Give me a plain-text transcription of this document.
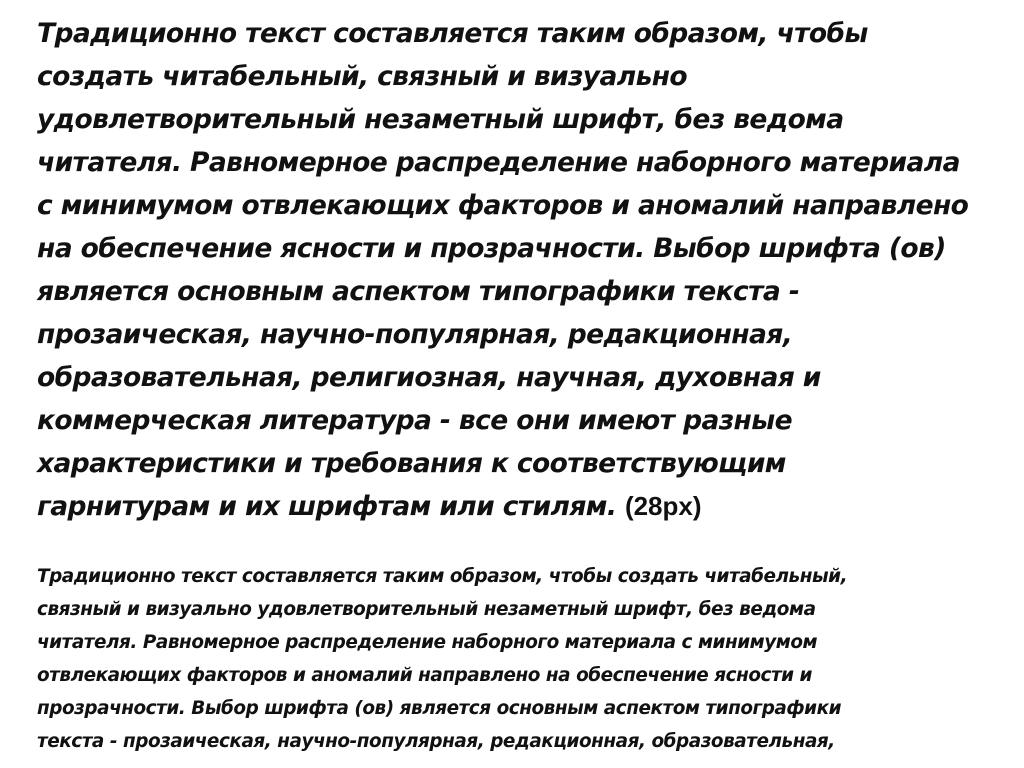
Традиционно текст составляется таким образом, чтобы
создать читабельный, связный и визуально
удовлетворительный незаметный шрифт, без ведома
читателя. Равномерное распределение наборного материала
с минимумом отвлекающих факторов и аномалий направлено
на обеспечение ясности и прозрачности. Выбор шрифта (ов)
является основным аспектом типографики текста -
прозаическая, научно-популярная, редакционная,
образовательная, религиозная, научная, духовная и
коммерческая литература - все они имеют разные
характеристики и требования к соответствующим
гарнитурам и их шрифтам или стилям. (28px)

Традиционно текст составляется таким образом, чтобы создать читабельный,
связный и визуально удовлетворительный незаметный шрифт, без ведома
читателя. Равномерное распределение наборного материала с минимумом
отвлекающих факторов и аномалий направлено на обеспечение ясности и
прозрачности. Выбор шрифта (ов) является основным аспектом типографики
текста - прозаическая, научно-популярная, редакционная, образовательная,
